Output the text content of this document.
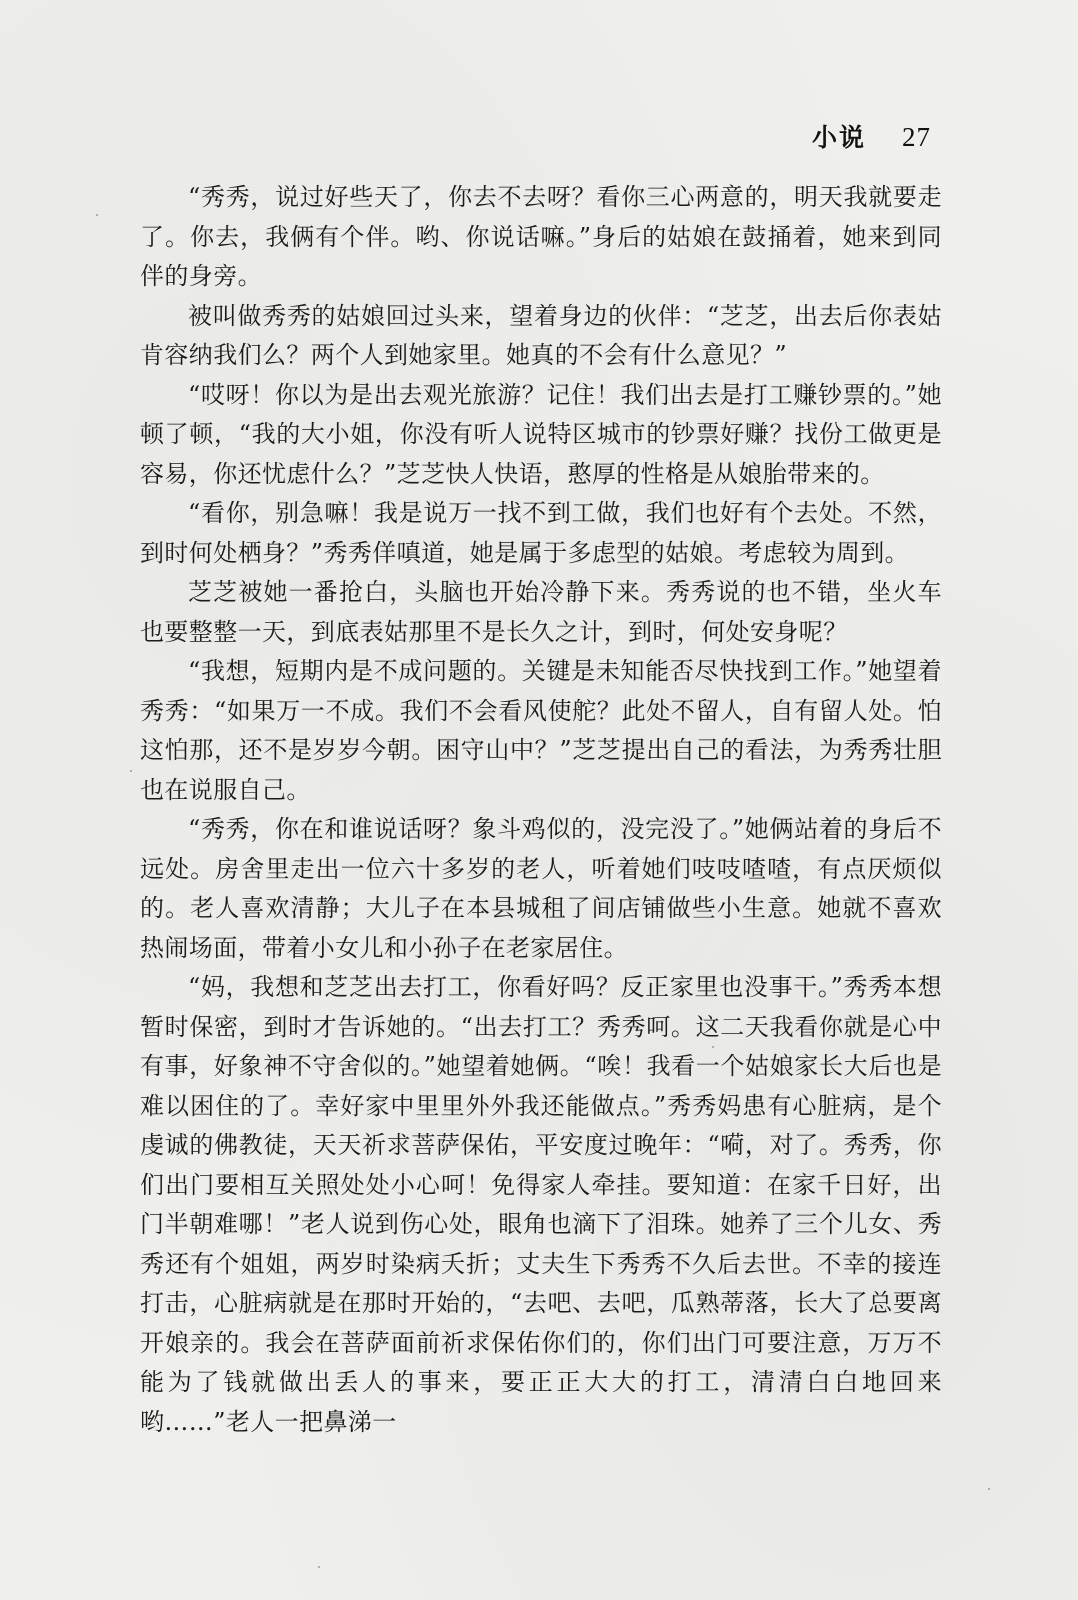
小说 27

“秀秀，说过好些天了，你去不去呀？看你三心两意的，明天我就要走了。你去，我俩有个伴。哟、你说话嘛。”身后的姑娘在鼓捅着，她来到同伴的身旁。

被叫做秀秀的姑娘回过头来，望着身边的伙伴：“芝芝，出去后你表姑肯容纳我们么？两个人到她家里。她真的不会有什么意见？”

“哎呀！你以为是出去观光旅游？记住！我们出去是打工赚钞票的。”她顿了顿，“我的大小姐，你没有听人说特区城市的钞票好赚？找份工做更是容易，你还忧虑什么？”芝芝快人快语，憨厚的性格是从娘胎带来的。

“看你，别急嘛！我是说万一找不到工做，我们也好有个去处。不然，到时何处栖身？”秀秀佯嗔道，她是属于多虑型的姑娘。考虑较为周到。

芝芝被她一番抢白，头脑也开始冷静下来。秀秀说的也不错，坐火车也要整整一天，到底表姑那里不是长久之计，到时，何处安身呢？

“我想，短期内是不成问题的。关键是未知能否尽快找到工作。”她望着秀秀：“如果万一不成。我们不会看风使舵？此处不留人，自有留人处。怕这怕那，还不是岁岁今朝。困守山中？”芝芝提出自己的看法，为秀秀壮胆也在说服自己。

“秀秀，你在和谁说话呀？象斗鸡似的，没完没了。”她俩站着的身后不远处。房舍里走出一位六十多岁的老人，听着她们吱吱喳喳，有点厌烦似的。老人喜欢清静；大儿子在本县城租了间店铺做些小生意。她就不喜欢热闹场面，带着小女儿和小孙子在老家居住。

“妈，我想和芝芝出去打工，你看好吗？反正家里也没事干。”秀秀本想暂时保密，到时才告诉她的。“出去打工？秀秀呵。这二天我看你就是心中有事，好象神不守舍似的。”她望着她俩。“唉！我看一个姑娘家长大后也是难以困住的了。幸好家中里里外外我还能做点。”秀秀妈患有心脏病，是个虔诚的佛教徒，天天祈求菩萨保佑，平安度过晚年：“嗬，对了。秀秀，你们出门要相互关照处处小心呵！免得家人牵挂。要知道：在家千日好，出门半朝难哪！”老人说到伤心处，眼角也滴下了泪珠。她养了三个儿女、秀秀还有个姐姐，两岁时染病夭折；丈夫生下秀秀不久后去世。不幸的接连打击，心脏病就是在那时开始的，“去吧、去吧，瓜熟蒂落，长大了总要离开娘亲的。我会在菩萨面前祈求保佑你们的，你们出门可要注意，万万不能为了钱就做出丢人的事来，要正正大大的打工，清清白白地回来哟……”老人一把鼻涕一
